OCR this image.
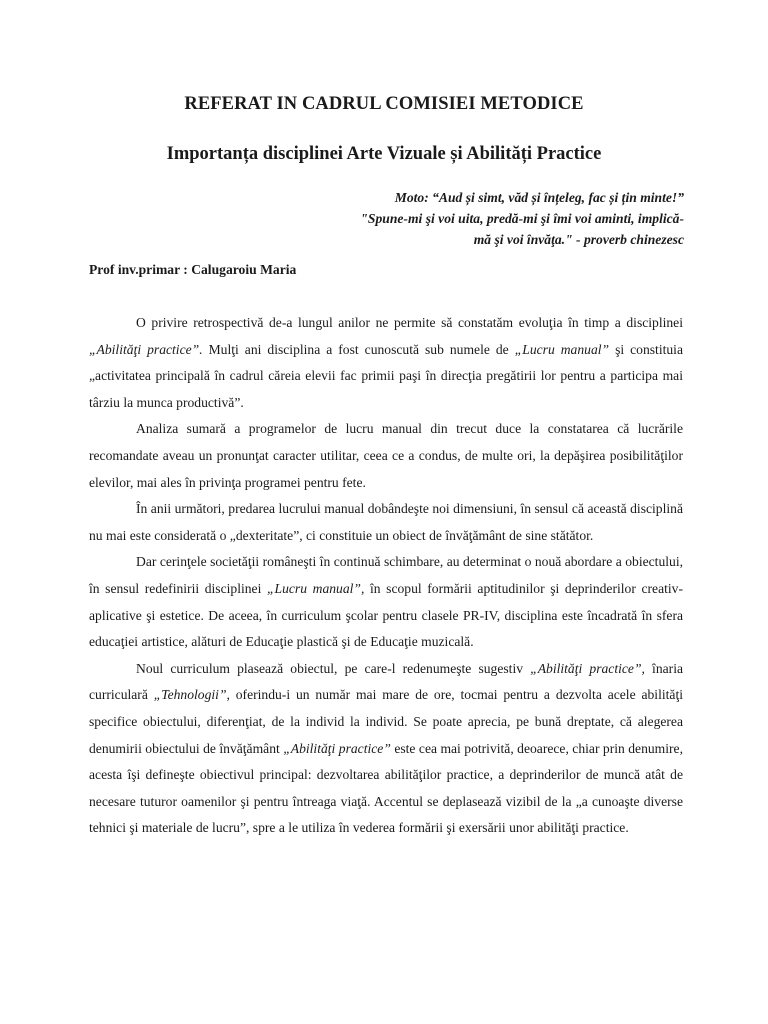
REFERAT IN CADRUL COMISIEI METODICE
Importanța disciplinei Arte Vizuale și Abilități Practice
Moto: “Aud și simt, văd și înțeleg, fac și țin minte!”
"Spune-mi şi voi uita, predă-mi şi îmi voi aminti, implică-
mă şi voi învăţa." - proverb chinezesc
Prof inv.primar : Calugaroiu Maria

O privire retrospectivă de-a lungul anilor ne permite să constatăm evoluţia în timp a disciplinei „Abilităţi practice”. Mulţi ani disciplina a fost cunoscută sub numele de „Lucru manual” şi constituia „activitatea principală în cadrul căreia elevii fac primii paşi în direcţia pregătirii lor pentru a participa mai târziu la munca productivă”.

Analiza sumară a programelor de lucru manual din trecut duce la constatarea că lucrările recomandate aveau un pronunţat caracter utilitar, ceea ce a condus, de multe ori, la depăşirea posibilităţilor elevilor, mai ales în privinţa programei pentru fete.

În anii următori, predarea lucrului manual dobândeşte noi dimensiuni, în sensul că această disciplină nu mai este considerată o „dexteritate”, ci constituie un obiect de învăţământ de sine stătător.

Dar cerinţele societăţii româneşti în continuă schimbare, au determinat o nouă abordare a obiectului, în sensul redefinirii disciplinei „Lucru manual”, în scopul formării aptitudinilor şi deprinderilor creativ-aplicative şi estetice. De aceea, în curriculum şcolar pentru clasele PR-IV, disciplina este încadrată în sfera educaţiei artistice, alături de Educaţie plastică şi de Educaţie muzicală.

Noul curriculum plasează obiectul, pe care-l redenumeşte sugestiv „Abilităţi practice”, înaria curriculară „Tehnologii”, oferindu-i un număr mai mare de ore, tocmai pentru a dezvolta acele abilităţi specifice obiectului, diferenţiat, de la individ la individ. Se poate aprecia, pe bună dreptate, că alegerea denumirii obiectului de învăţământ „Abilităţi practice” este cea mai potrivită, deoarece, chiar prin denumire, acesta îşi defineşte obiectivul principal: dezvoltarea abilităţilor practice, a deprinderilor de muncă atât de necesare tuturor oamenilor şi pentru întreaga viaţă. Accentul se deplasează vizibil de la „a cunoaşte diverse tehnici şi materiale de lucru”, spre a le utiliza în vederea formării şi exersării unor abilităţi practice.
